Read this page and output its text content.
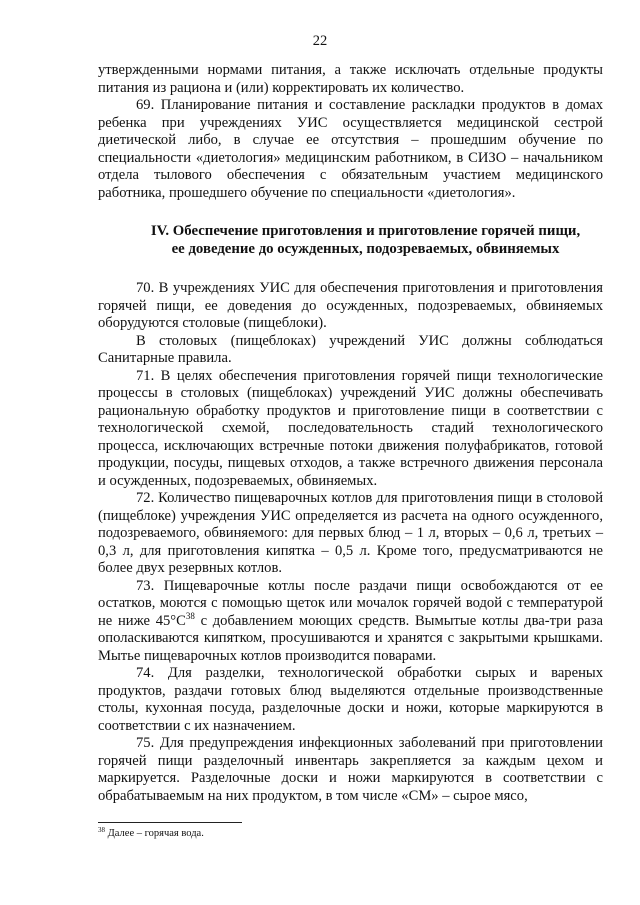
22

утвержденными нормами питания, а также исключать отдельные продукты питания из рациона и (или) корректировать их количество.

69. Планирование питания и составление раскладки продуктов в домах ребенка при учреждениях УИС осуществляется медицинской сестрой диетической либо, в случае ее отсутствия – прошедшим обучение по специальности «диетология» медицинским работником, в СИЗО – начальником отдела тылового обеспечения с обязательным участием медицинского работника, прошедшего обучение по специальности «диетология».

IV. Обеспечение приготовления и приготовление горячей пищи,
ее доведение до осужденных, подозреваемых, обвиняемых

70. В учреждениях УИС для обеспечения приготовления и приготовления горячей пищи, ее доведения до осужденных, подозреваемых, обвиняемых оборудуются столовые (пищеблоки).

В столовых (пищеблоках) учреждений УИС должны соблюдаться Санитарные правила.

71. В целях обеспечения приготовления горячей пищи технологические процессы в столовых (пищеблоках) учреждений УИС должны обеспечивать рациональную обработку продуктов и приготовление пищи в соответствии с технологической схемой, последовательность стадий технологического процесса, исключающих встречные потоки движения полуфабрикатов, готовой продукции, посуды, пищевых отходов, а также встречного движения персонала и осужденных, подозреваемых, обвиняемых.

72. Количество пищеварочных котлов для приготовления пищи в столовой (пищеблоке) учреждения УИС определяется из расчета на одного осужденного, подозреваемого, обвиняемого: для первых блюд – 1 л, вторых – 0,6 л, третьих – 0,3 л, для приготовления кипятка – 0,5 л. Кроме того, предусматриваются не более двух резервных котлов.

73. Пищеварочные котлы после раздачи пищи освобождаются от ее остатков, моются с помощью щеток или мочалок горячей водой с температурой не ниже $45^\circ C^{38}$ с добавлением моющих средств. Вымытые котлы два-три раза ополаскиваются кипятком, просушиваются и хранятся с закрытыми крышками. Мытье пищеварочных котлов производится поварами.

74. Для разделки, технологической обработки сырых и вареных продуктов, раздачи готовых блюд выделяются отдельные производственные столы, кухонная посуда, разделочные доски и ножи, которые маркируются в соответствии с их назначением.

75. Для предупреждения инфекционных заболеваний при приготовлении горячей пищи разделочный инвентарь закрепляется за каждым цехом и маркируется. Разделочные доски и ножи маркируются в соответствии с обрабатываемым на них продуктом, в том числе «СМ» – сырое мясо,

$^{38}$ Далее – горячая вода.
